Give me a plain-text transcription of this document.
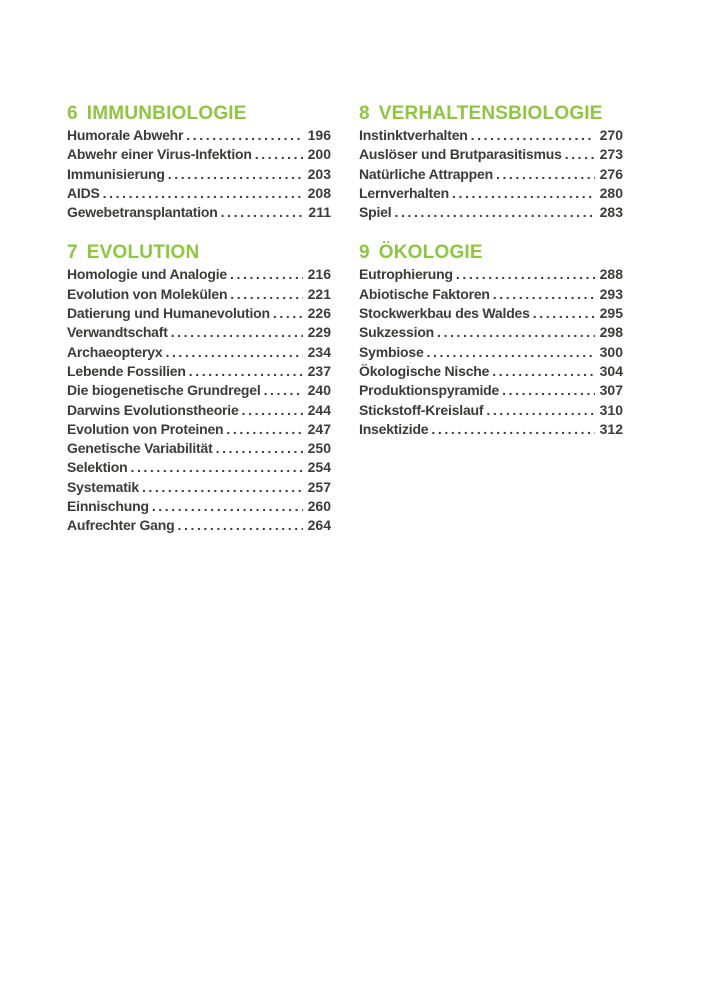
6 IMMUNBIOLOGIE
Humorale Abwehr .....	196
Abwehr einer Virus-Infektion .....	200
Immunisierung .....	203
AIDS .....	208
Gewebetransplantation .....	211
7 EVOLUTION
Homologie und Analogie .....	216
Evolution von Molekülen .....	221
Datierung und Humanevolution .....	226
Verwandtschaft .....	229
Archaeopteryx .....	234
Lebende Fossilien .....	237
Die biogenetische Grundregel .....	240
Darwins Evolutionstheorie .....	244
Evolution von Proteinen .....	247
Genetische Variabilität .....	250
Selektion .....	254
Systematik .....	257
Einnischung .....	260
Aufrechter Gang .....	264
8 VERHALTENSBIOLOGIE
Instinktverhalten .....	270
Auslöser und Brutparasitismus .....	273
Natürliche Attrappen .....	276
Lernverhalten .....	280
Spiel .....	283
9 ÖKOLOGIE
Eutrophierung .....	288
Abiotische Faktoren .....	293
Stockwerkbau des Waldes .....	295
Sukzession .....	298
Symbiose .....	300
Ökologische Nische .....	304
Produktionspyramide .....	307
Stickstoff-Kreislauf .....	310
Insektizide .....	312
